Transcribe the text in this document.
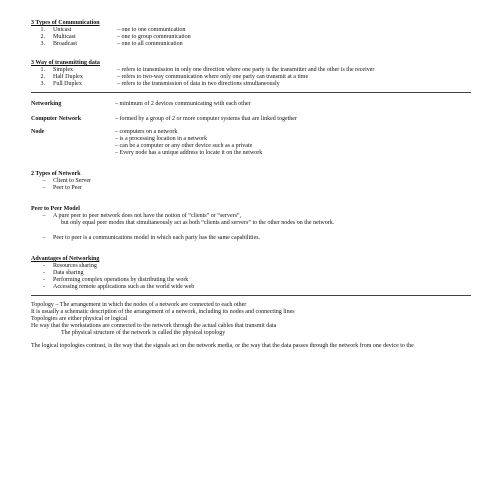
3 Types of Communication
1. Unicast	– one to one communication
2. Multicast	– one to group communication
3. Broadcast	– one to all communication
3 Way of transmitting data
1. Simplex	– refers to transmission in only one direction where one party is the transmitter and the other is the receiver
2. Half Duplex	– refers to two-way communication where only one party can transmit at a time
3. Full Duplex	– refers to the transmission of data in two directions simultaneously
Networking	– minimum of 2 devices communicating with each other
Computer Network	– formed by a group of 2 or more computer systems that are linked together
Node	– computers on a network
– is a processing location in a network
– can be a computer or any other device such as a private
– Every node has a unique address to locate it on the network
2 Types of Network
–	Client to Server
–	Peer to Peer
Peer to Peer Model
–	A pure peer to peer network does not have the notion of “clients” or “servers”,
but only equal peer modes that simultaneously act as both “clients and servers” to the other nodes on the network.
–	Peer to peer is a communications model in which each party has the same capabilities.
Advantages of Networking
-	Resources sharing
-	Data sharing
-	Performing complex operations by distributing the work
-	Accessing remote applications such as the world wide web
Topology – The arrangement in which the nodes of a network are connected to each other
It is usually a schematic description of the arrangement of a network, including its nodes and connecting lines
Topologies are either physical or logical
He way that the workstations are connected to the network through the actual cables that transmit data
The physical structure of the network is called the physical topology
The logical topologies contrast, is the way that the signals act on the network media, or the way that the data passes through the network from one device to the
